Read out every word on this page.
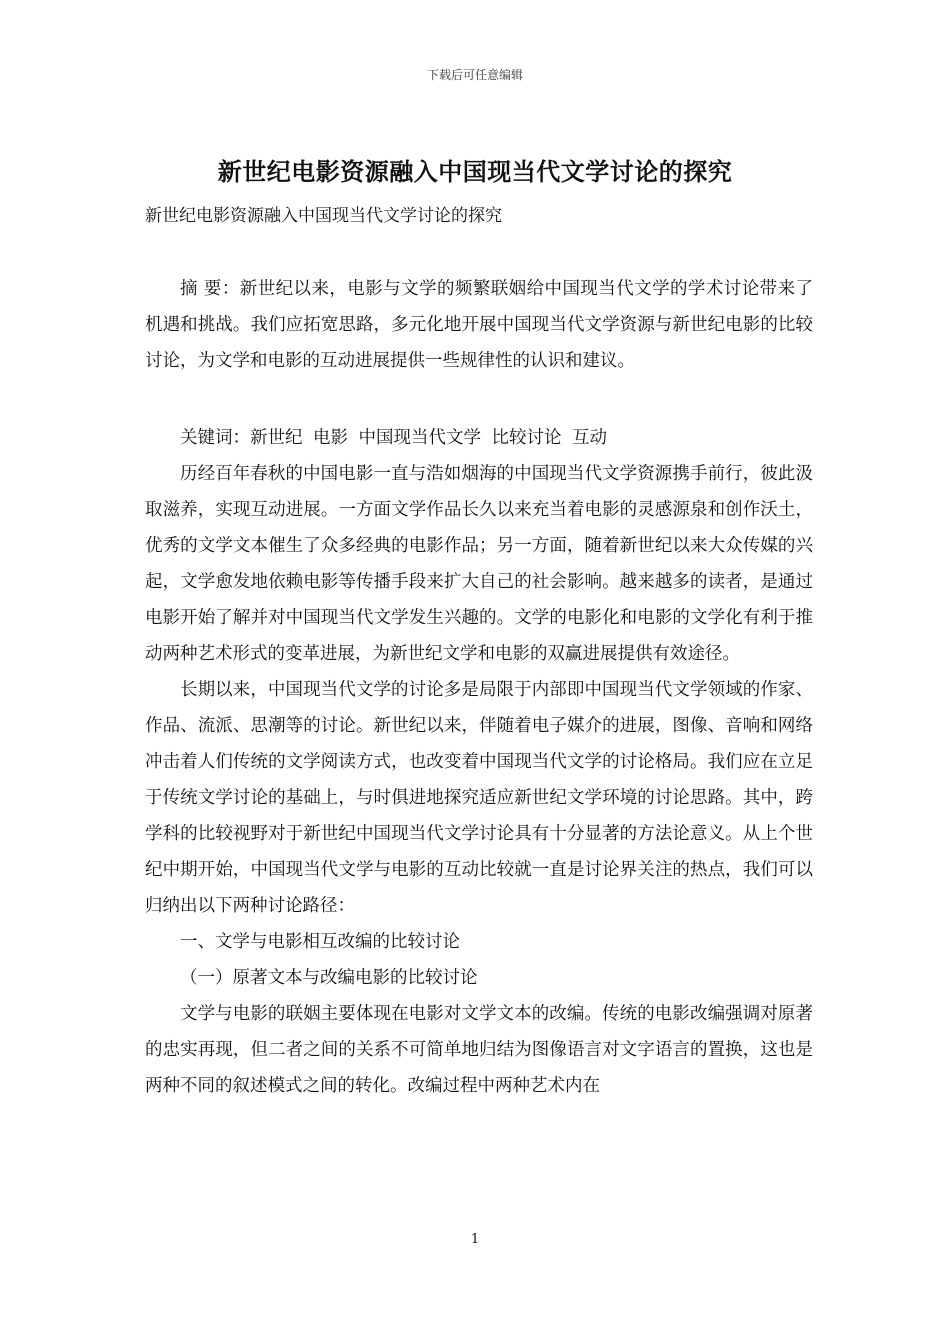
下载后可任意编辑
新世纪电影资源融入中国现当代文学讨论的探究
新世纪电影资源融入中国现当代文学讨论的探究

摘 要：新世纪以来，电影与文学的频繁联姻给中国现当代文学的学术讨论带来了机遇和挑战。我们应拓宽思路，多元化地开展中国现当代文学资源与新世纪电影的比较讨论，为文学和电影的互动进展提供一些规律性的认识和建议。

关键词：新世纪 电影 中国现当代文学 比较讨论 互动

历经百年春秋的中国电影一直与浩如烟海的中国现当代文学资源携手前行，彼此汲取滋养，实现互动进展。一方面文学作品长久以来充当着电影的灵感源泉和创作沃土，优秀的文学文本催生了众多经典的电影作品；另一方面，随着新世纪以来大众传媒的兴起，文学愈发地依赖电影等传播手段来扩大自己的社会影响。越来越多的读者，是通过电影开始了解并对中国现当代文学发生兴趣的。文学的电影化和电影的文学化有利于推动两种艺术形式的变革进展，为新世纪文学和电影的双赢进展提供有效途径。

长期以来，中国现当代文学的讨论多是局限于内部即中国现当代文学领域的作家、作品、流派、思潮等的讨论。新世纪以来，伴随着电子媒介的进展，图像、音响和网络冲击着人们传统的文学阅读方式，也改变着中国现当代文学的讨论格局。我们应在立足于传统文学讨论的基础上，与时俱进地探究适应新世纪文学环境的讨论思路。其中，跨学科的比较视野对于新世纪中国现当代文学讨论具有十分显著的方法论意义。从上个世纪中期开始，中国现当代文学与电影的互动比较就一直是讨论界关注的热点，我们可以归纳出以下两种讨论路径：

一、文学与电影相互改编的比较讨论
（一）原著文本与改编电影的比较讨论

文学与电影的联姻主要体现在电影对文学文本的改编。传统的电影改编强调对原著的忠实再现，但二者之间的关系不可简单地归结为图像语言对文字语言的置换，这也是两种不同的叙述模式之间的转化。改编过程中两种艺术内在

1
